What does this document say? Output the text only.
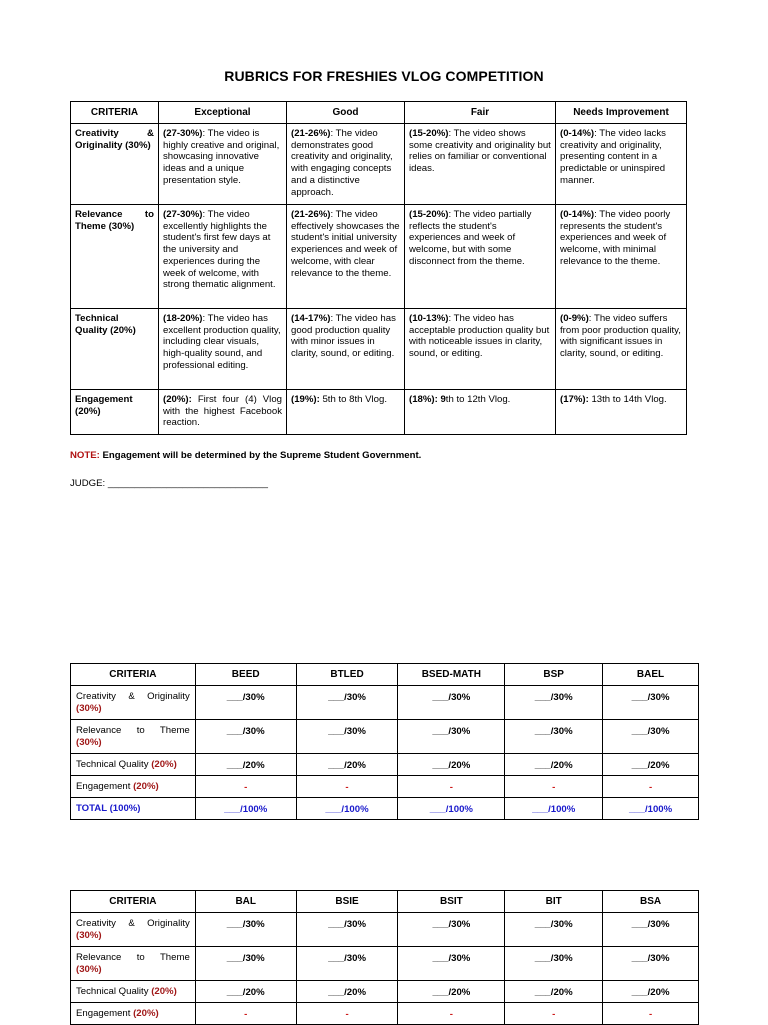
RUBRICS FOR FRESHIES VLOG COMPETITION
CRITERIA	Exceptional	Good	Fair	Needs Improvement

Creativity &
Originality (30%)	(27-30%): The video is highly creative and original, showcasing innovative ideas and a unique presentation style.	(21-26%): The video demonstrates good creativity and originality, with engaging concepts and a distinctive approach.	(15-20%): The video shows some creativity and originality but relies on familiar or conventional ideas.	(0-14%): The video lacks creativity and originality, presenting content in a predictable or uninspired manner.

Relevance to
Theme (30%)	(27-30%): The video excellently highlights the student's first few days at the university and experiences during the week of welcome, with strong thematic alignment.	(21-26%): The video effectively showcases the student's initial university experiences and week of welcome, with clear relevance to the theme.	(15-20%): The video partially reflects the student's experiences and week of welcome, but with some disconnect from the theme.	(0-14%): The video poorly represents the student's experiences and week of welcome, with minimal relevance to the theme.
Technical
Quality (20%)	(18-20%): The video has excellent production quality, including clear visuals, high-quality sound, and professional editing.	(14-17%): The video has good production quality with minor issues in clarity, sound, or editing.	(10-13%): The video has acceptable production quality but with noticeable issues in clarity, sound, or editing.	(0-9%): The video suffers from poor production quality, with significant issues in clarity, sound, or editing.
Engagement
(20%)	(20%): First four (4) Vlog with the highest Facebook reaction.	(19%): 5th to 8th Vlog.	(18%): 9th to 12th Vlog.	(17%): 13th to 14th Vlog.
NOTE: Engagement will be determined by the Supreme Student Government.
JUDGE: ______________________________
CRITERIA	BEED	BTLED	BSED-MATH	BSP	BAEL

Creativity & Originality
(30%)	___/30%	___/30%	___/30%	___/30%	___/30%

Relevance to Theme
(30%)	___/30%	___/30%	___/30%	___/30%	___/30%
Technical Quality (20%)	___/20%	___/20%	___/20%	___/20%	___/20%
Engagement (20%)	-	-	-	-	-
TOTAL (100%)	___/100%	___/100%	___/100%	___/100%	___/100%
CRITERIA	BAL	BSIE	BSIT	BIT	BSA

Creativity & Originality
(30%)	___/30%	___/30%	___/30%	___/30%	___/30%

Relevance to Theme
(30%)	___/30%	___/30%	___/30%	___/30%	___/30%
Technical Quality (20%)	___/20%	___/20%	___/20%	___/20%	___/20%
Engagement (20%)	-	-	-	-	-
